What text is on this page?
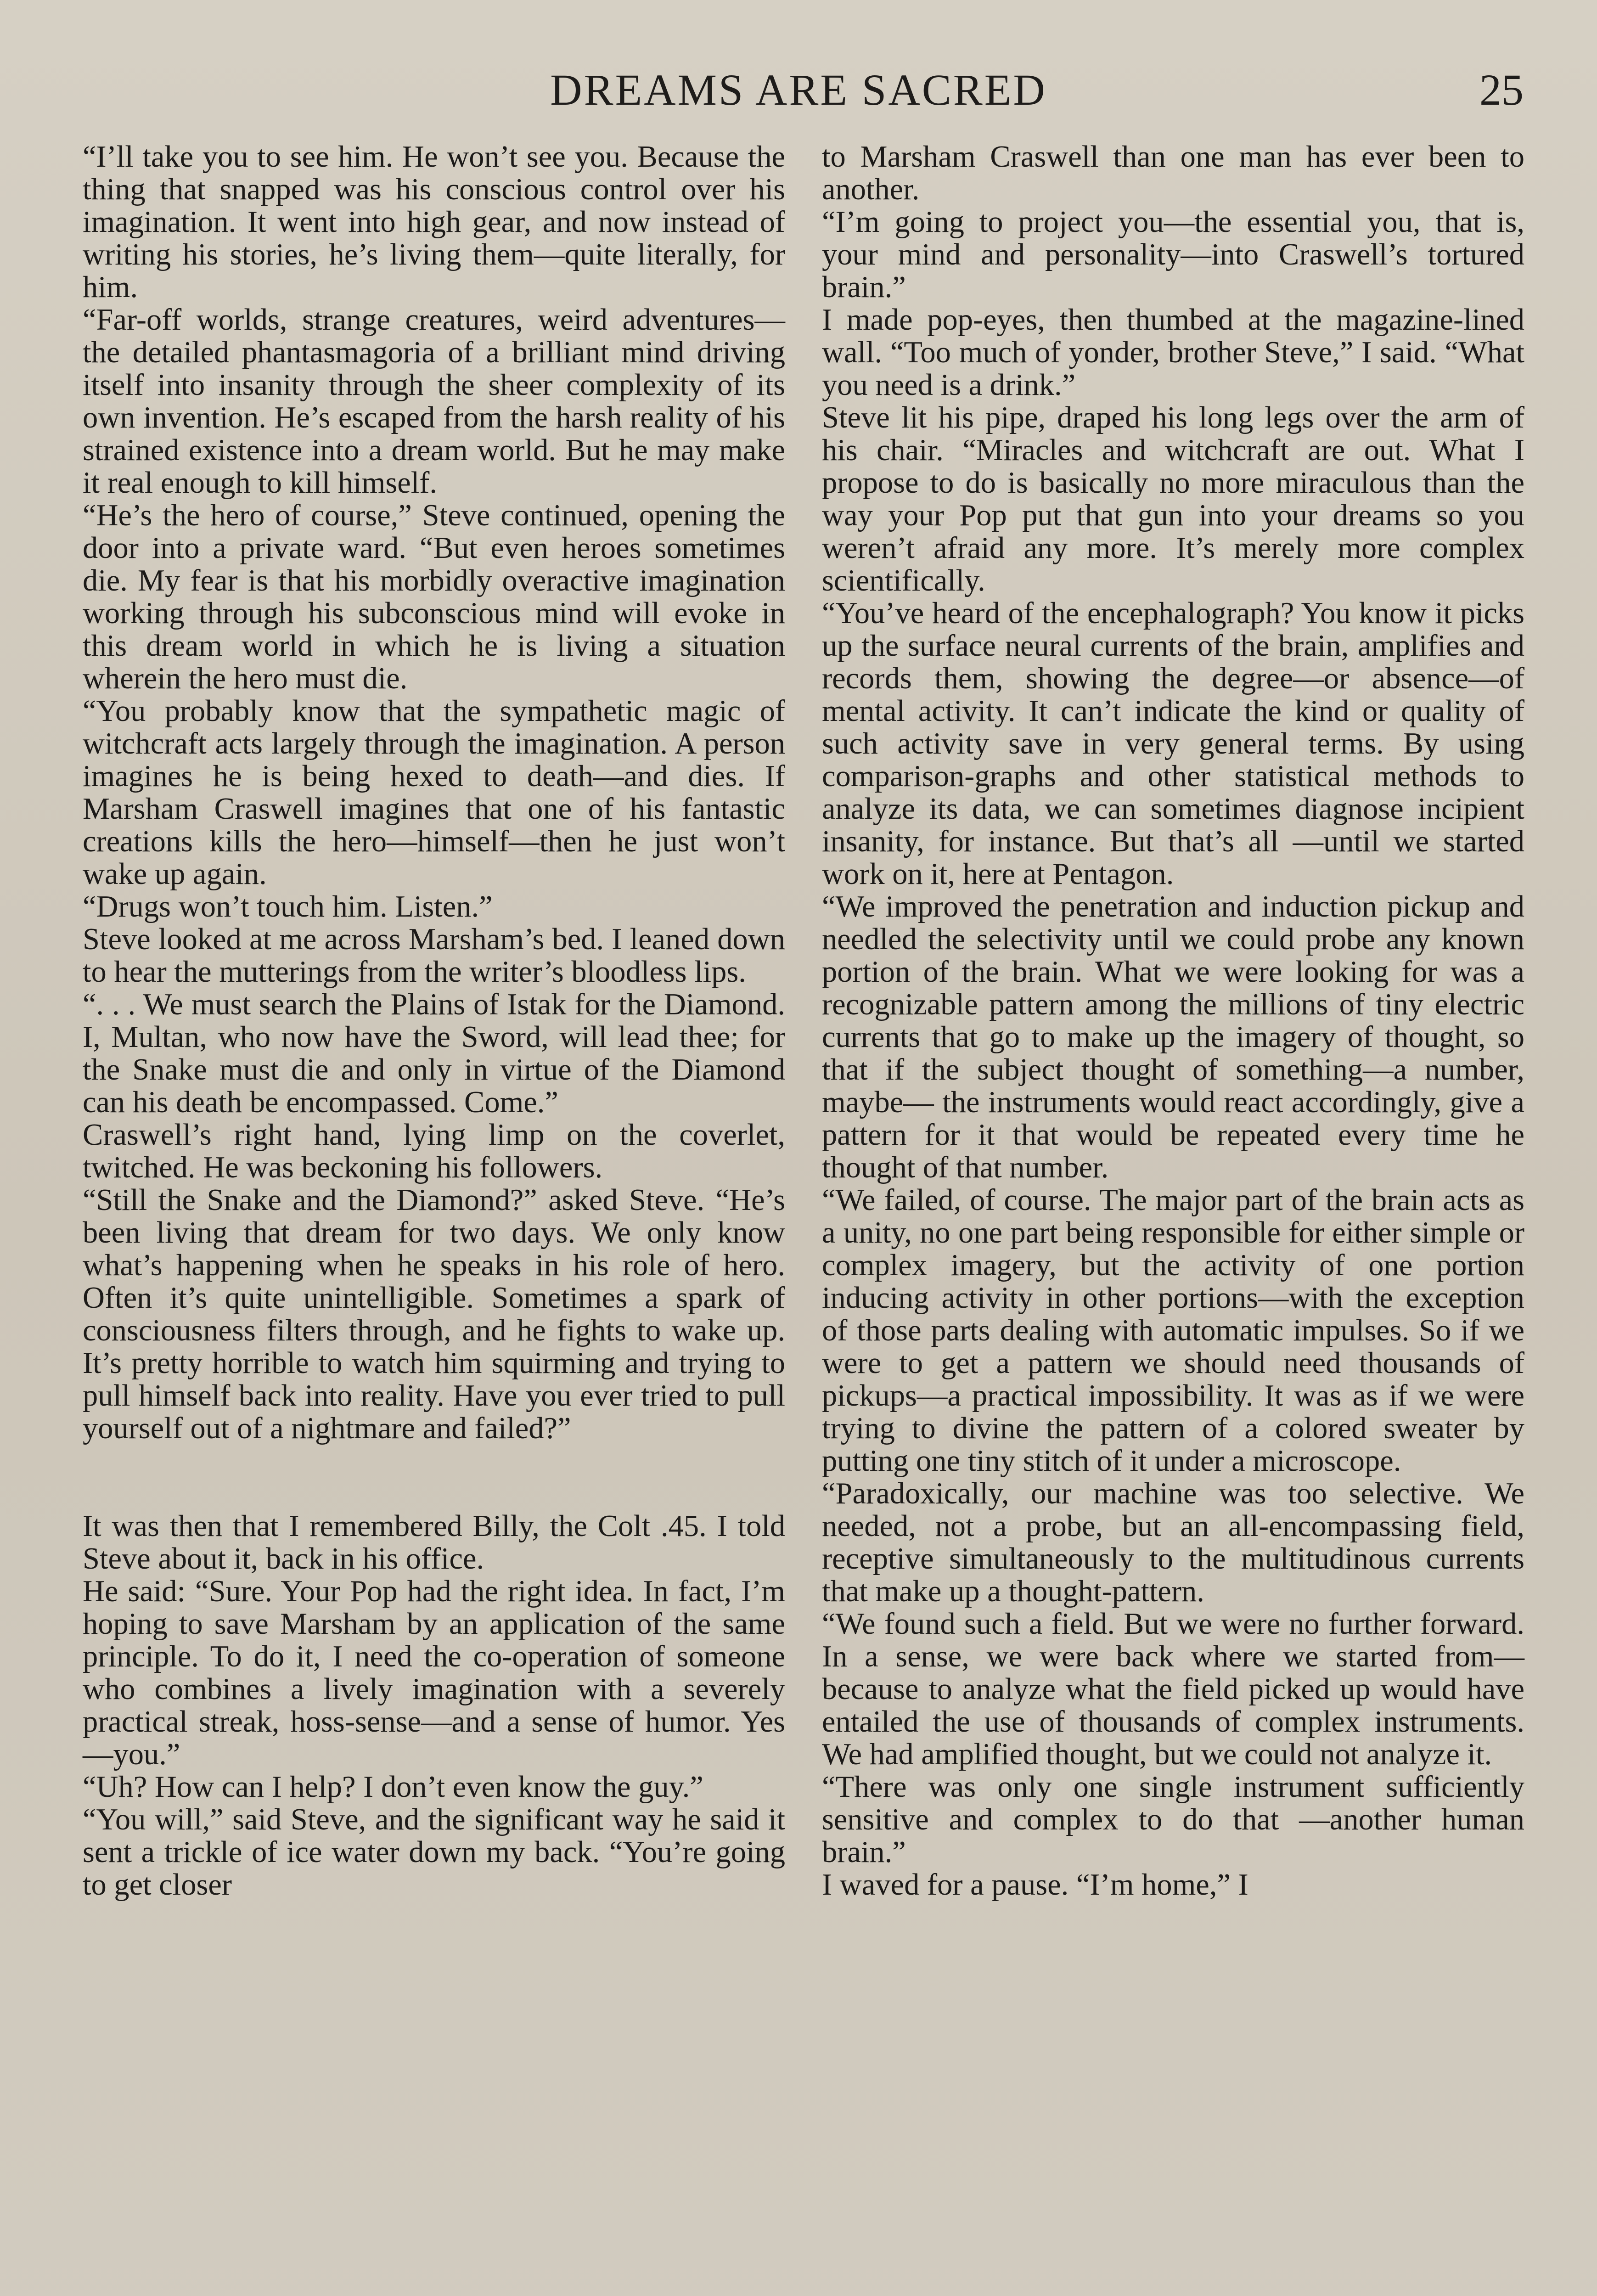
DREAMS ARE SACRED	25

“I’ll take you to see him. He won’t see you. Because the thing that snapped was his conscious control over his imagination. It went into high gear, and now instead of writing his stories, he’s living them—quite literally, for him.

“Far-off worlds, strange creatures, weird adventures—the detailed phantasmagoria of a brilliant mind driving itself into insanity through the sheer complexity of its own invention. He’s escaped from the harsh reality of his strained existence into a dream world. But he may make it real enough to kill himself.

“He’s the hero of course,” Steve continued, opening the door into a private ward. “But even heroes sometimes die. My fear is that his morbidly overactive imagination working through his subconscious mind will evoke in this dream world in which he is living a situation wherein the hero must die.

“You probably know that the sympathetic magic of witchcraft acts largely through the imagination. A person imagines he is being hexed to death—and dies. If Marsham Craswell imagines that one of his fantastic creations kills the hero—himself—then he just won’t wake up again.

“Drugs won’t touch him. Listen.”

Steve looked at me across Marsham’s bed. I leaned down to hear the mutterings from the writer’s bloodless lips.

“. . . We must search the Plains of Istak for the Diamond. I, Multan, who now have the Sword, will lead thee; for the Snake must die and only in virtue of the Diamond can his death be encompassed. Come.”

Craswell’s right hand, lying limp on the coverlet, twitched. He was beckoning his followers.

“Still the Snake and the Diamond?” asked Steve. “He’s been living that dream for two days. We only know what’s happening when he speaks in his role of hero. Often it’s quite unintelligible. Sometimes a spark of consciousness filters through, and he fights to wake up. It’s pretty horrible to watch him squirming and trying to pull himself back into reality. Have you ever tried to pull yourself out of a nightmare and failed?”

It was then that I remembered Billy, the Colt .45. I told Steve about it, back in his office.

He said: “Sure. Your Pop had the right idea. In fact, I’m hoping to save Marsham by an application of the same principle. To do it, I need the co-operation of someone who combines a lively imagination with a severely practical streak, hoss-sense—and a sense of humor. Yes—you.”

“Uh? How can I help? I don’t even know the guy.”

“You will,” said Steve, and the significant way he said it sent a trickle of ice water down my back. “You’re going to get closer

to Marsham Craswell than one man has ever been to another.

“I’m going to project you—the essential you, that is, your mind and personality—into Craswell’s tortured brain.”

I made pop-eyes, then thumbed at the magazine-lined wall. “Too much of yonder, brother Steve,” I said. “What you need is a drink.”

Steve lit his pipe, draped his long legs over the arm of his chair. “Miracles and witchcraft are out. What I propose to do is basically no more miraculous than the way your Pop put that gun into your dreams so you weren’t afraid any more. It’s merely more complex scientifically.

“You’ve heard of the encephalograph? You know it picks up the surface neural currents of the brain, amplifies and records them, showing the degree—or absence—of mental activity. It can’t indicate the kind or quality of such activity save in very general terms. By using comparison-graphs and other statistical methods to analyze its data, we can sometimes diagnose incipient insanity, for instance. But that’s all —until we started work on it, here at Pentagon.

“We improved the penetration and induction pickup and needled the selectivity until we could probe any known portion of the brain. What we were looking for was a recognizable pattern among the millions of tiny electric currents that go to make up the imagery of thought, so that if the subject thought of something—a number, maybe— the instruments would react accordingly, give a pattern for it that would be repeated every time he thought of that number.

“We failed, of course. The major part of the brain acts as a unity, no one part being responsible for either simple or complex imagery, but the activity of one portion inducing activity in other portions—with the exception of those parts dealing with automatic impulses. So if we were to get a pattern we should need thousands of pickups—a practical impossibility. It was as if we were trying to divine the pattern of a colored sweater by putting one tiny stitch of it under a microscope.

“Paradoxically, our machine was too selective. We needed, not a probe, but an all-encompassing field, receptive simultaneously to the multitudinous currents that make up a thought-pattern.

“We found such a field. But we were no further forward. In a sense, we were back where we started from—because to analyze what the field picked up would have entailed the use of thousands of complex instruments. We had amplified thought, but we could not analyze it.

“There was only one single instrument sufficiently sensitive and complex to do that —another human brain.”

I waved for a pause. “I’m home,” I
